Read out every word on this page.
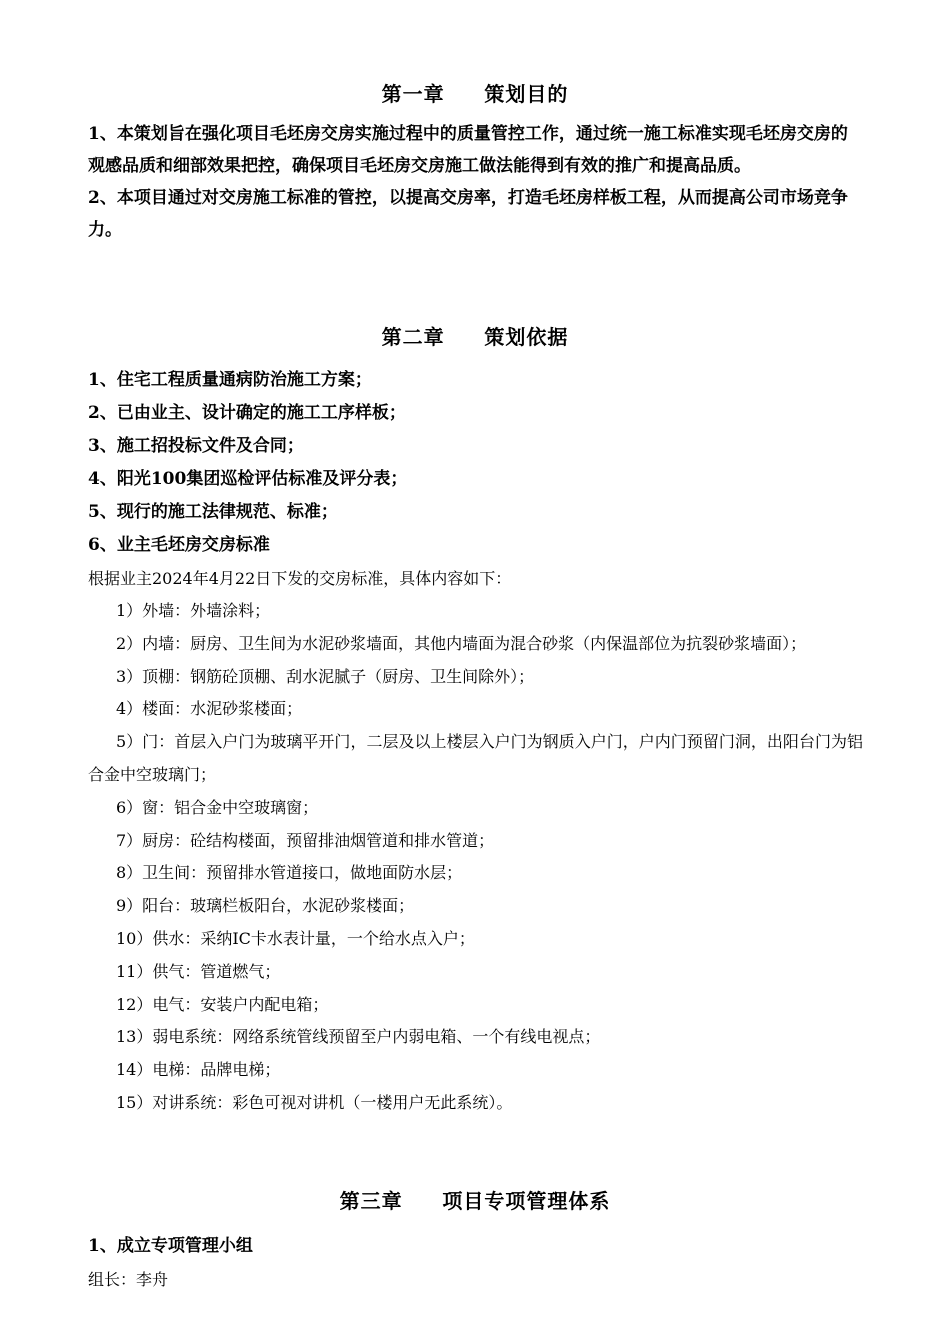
第一章     策划目的

1、本策划旨在强化项目毛坯房交房实施过程中的质量管控工作，通过统一施工标准实现毛坯房交房的观感品质和细部效果把控，确保项目毛坯房交房施工做法能得到有效的推广和提高品质。

2、本项目通过对交房施工标准的管控，以提高交房率，打造毛坯房样板工程，从而提高公司市场竞争力。

第二章     策划依据

1、住宅工程质量通病防治施工方案；

2、已由业主、设计确定的施工工序样板；

3、施工招投标文件及合同；

4、阳光100集团巡检评估标准及评分表；

5、现行的施工法律规范、标准；

6、业主毛坯房交房标准

根据业主2024年4月22日下发的交房标准，具体内容如下：

1）外墙：外墙涂料；

2）内墙：厨房、卫生间为水泥砂浆墙面，其他内墙面为混合砂浆（内保温部位为抗裂砂浆墙面）；

3）顶棚：钢筋砼顶棚、刮水泥腻子（厨房、卫生间除外）；

4）楼面：水泥砂浆楼面；

5）门：首层入户门为玻璃平开门，二层及以上楼层入户门为钢质入户门，户内门预留门洞，出阳台门为铝合金中空玻璃门；

6）窗：铝合金中空玻璃窗；

7）厨房：砼结构楼面，预留排油烟管道和排水管道；

8）卫生间：预留排水管道接口，做地面防水层；

9）阳台：玻璃栏板阳台，水泥砂浆楼面；

10）供水：采纳IC卡水表计量，一个给水点入户；

11）供气：管道燃气；

12）电气：安装户内配电箱；

13）弱电系统：网络系统管线预留至户内弱电箱、一个有线电视点；

14）电梯：品牌电梯；

15）对讲系统：彩色可视对讲机（一楼用户无此系统）。

第三章     项目专项管理体系

1、成立专项管理小组

组长：李舟
